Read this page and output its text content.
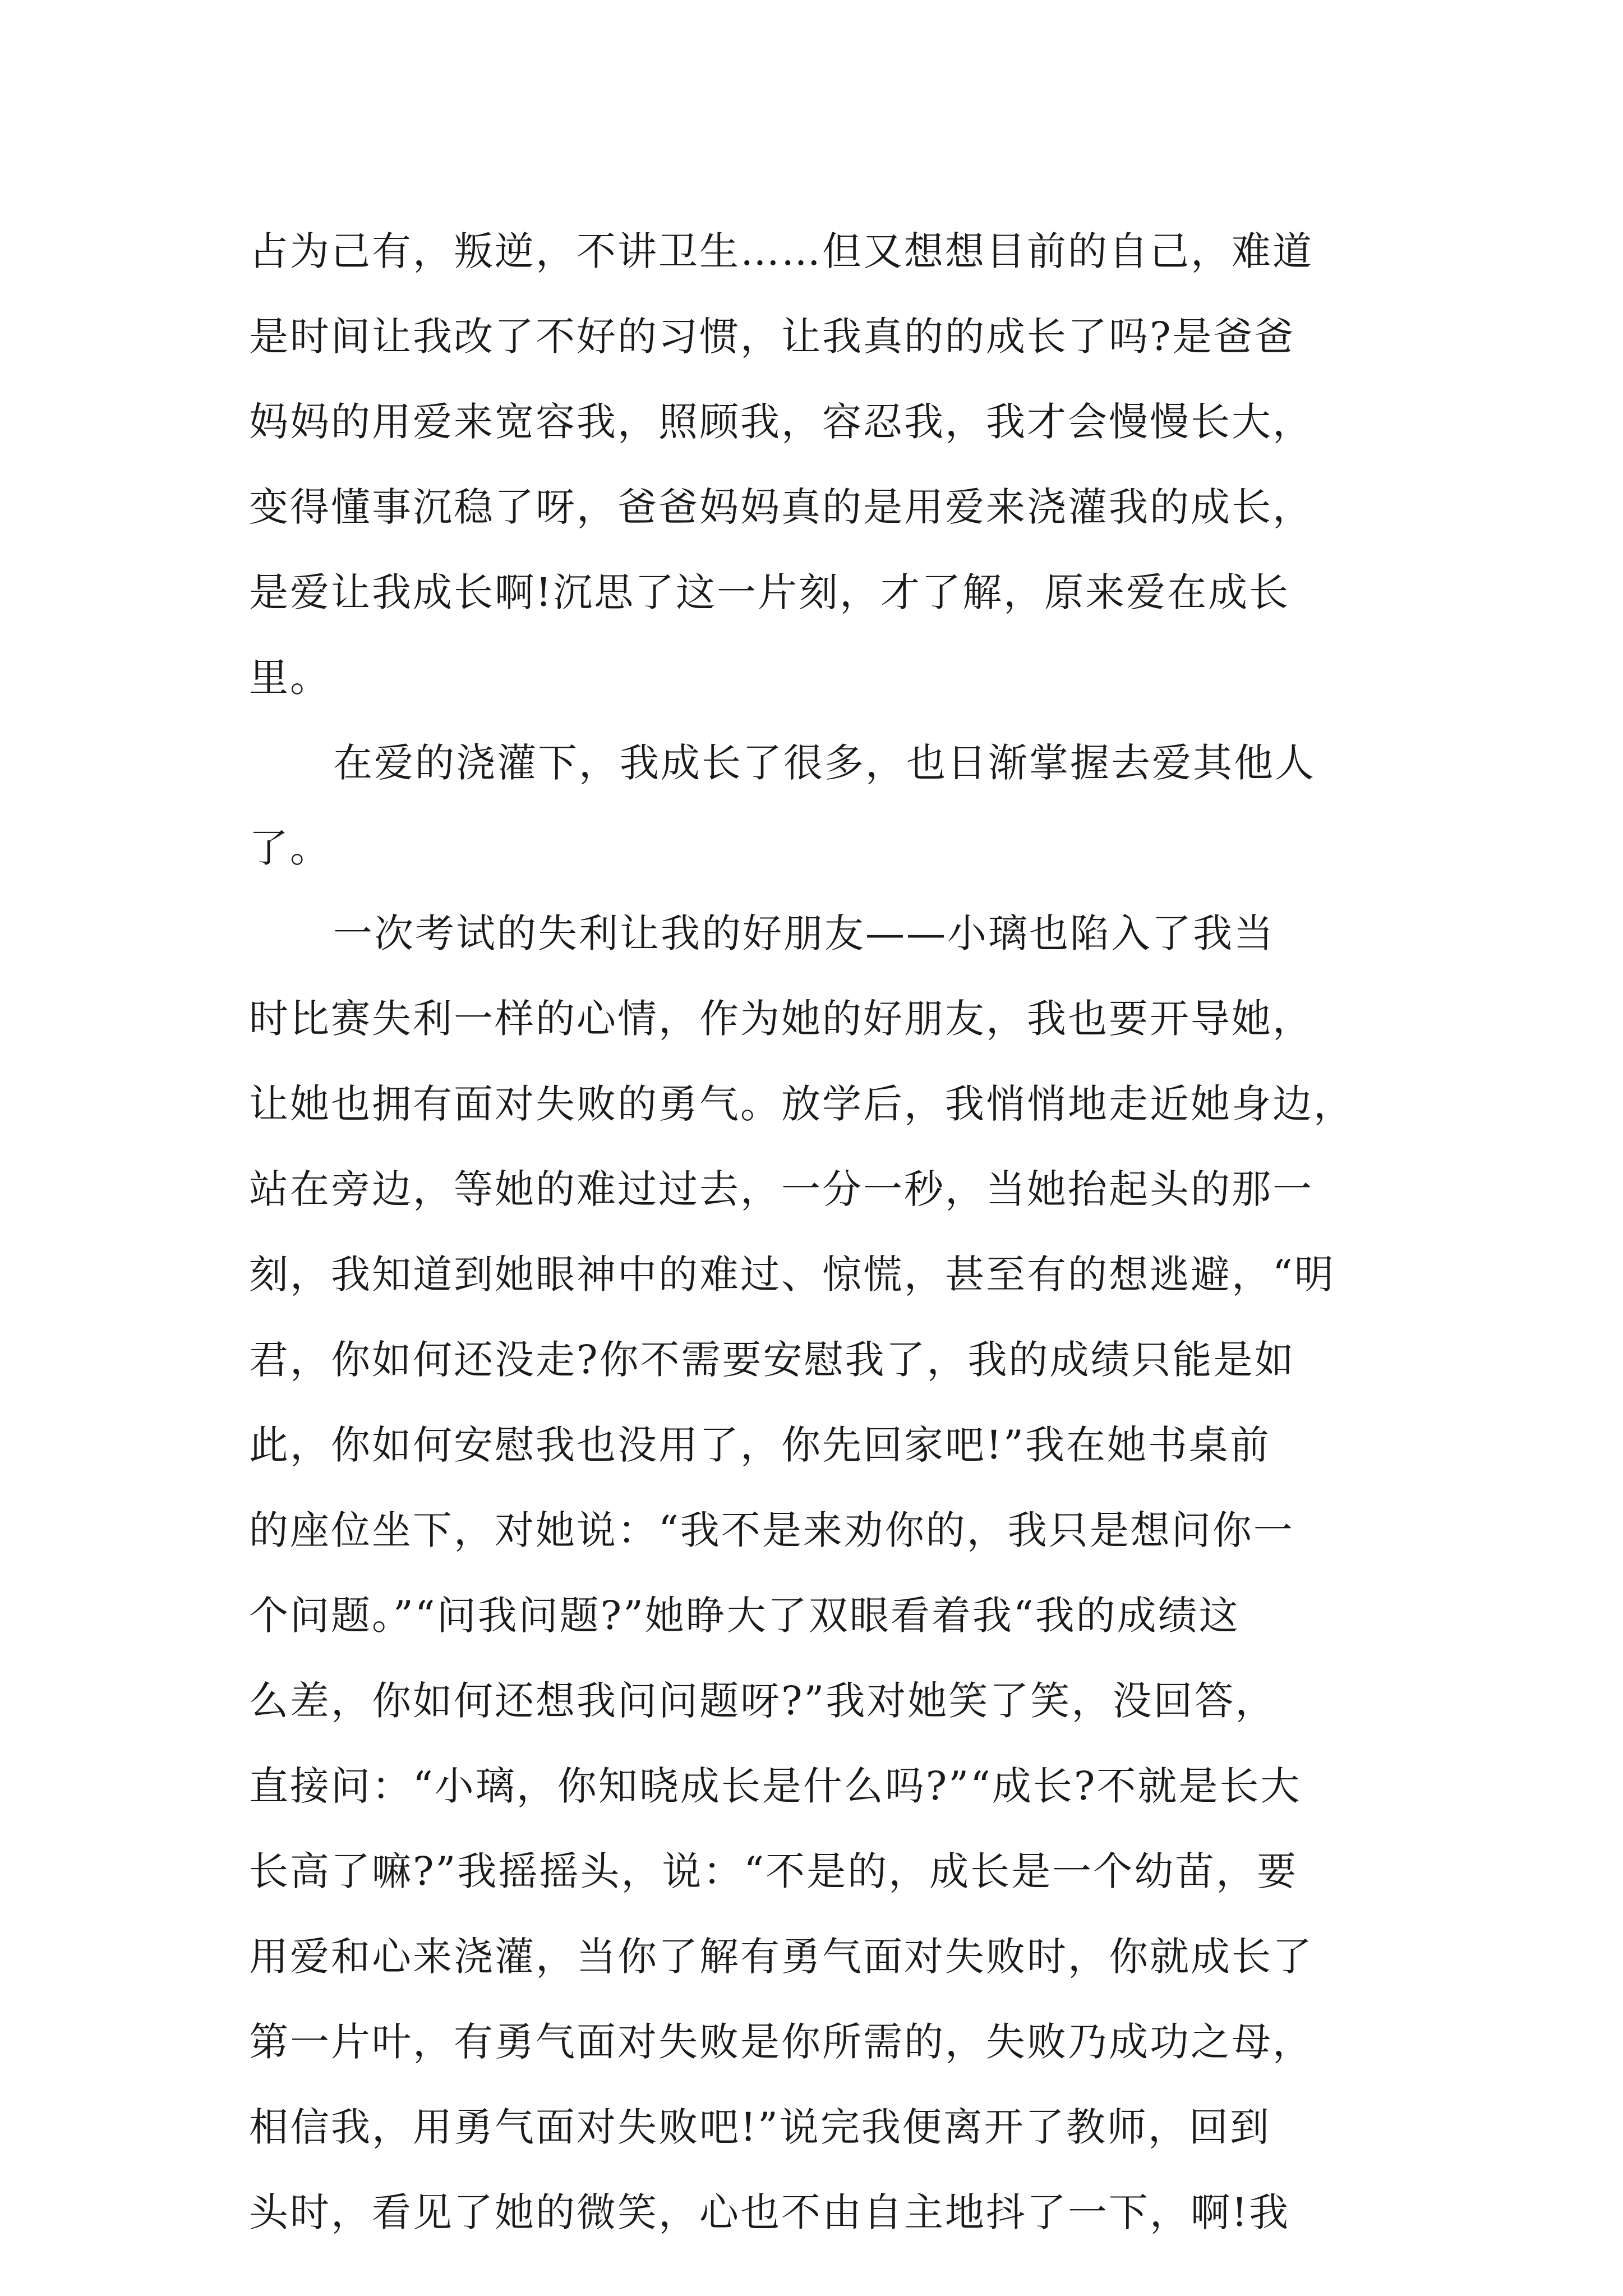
占为己有，叛逆，不讲卫生……但又想想目前的自己，难道
是时间让我改了不好的习惯，让我真的的成长了吗?是爸爸
妈妈的用爱来宽容我，照顾我，容忍我，我才会慢慢长大，
变得懂事沉稳了呀，爸爸妈妈真的是用爱来浇灌我的成长，
是爱让我成长啊!沉思了这一片刻，才了解，原来爱在成长
里。
在爱的浇灌下，我成长了很多，也日渐掌握去爱其他人
了。
一次考试的失利让我的好朋友——小璃也陷入了我当
时比赛失利一样的心情，作为她的好朋友，我也要开导她，
让她也拥有面对失败的勇气。放学后，我悄悄地走近她身边，
站在旁边，等她的难过过去，一分一秒，当她抬起头的那一
刻，我知道到她眼神中的难过、惊慌，甚至有的想逃避，“明
君，你如何还没走?你不需要安慰我了，我的成绩只能是如
此，你如何安慰我也没用了，你先回家吧!”我在她书桌前
的座位坐下，对她说：“我不是来劝你的，我只是想问你一
个问题。”“问我问题?”她睁大了双眼看着我“我的成绩这
么差，你如何还想我问问题呀?”我对她笑了笑，没回答，
直接问：“小璃，你知晓成长是什么吗?”“成长?不就是长大
长高了嘛?”我摇摇头，说：“不是的，成长是一个幼苗，要
用爱和心来浇灌，当你了解有勇气面对失败时，你就成长了
第一片叶，有勇气面对失败是你所需的，失败乃成功之母，
相信我，用勇气面对失败吧!”说完我便离开了教师，回到
头时，看见了她的微笑，心也不由自主地抖了一下，啊!我
